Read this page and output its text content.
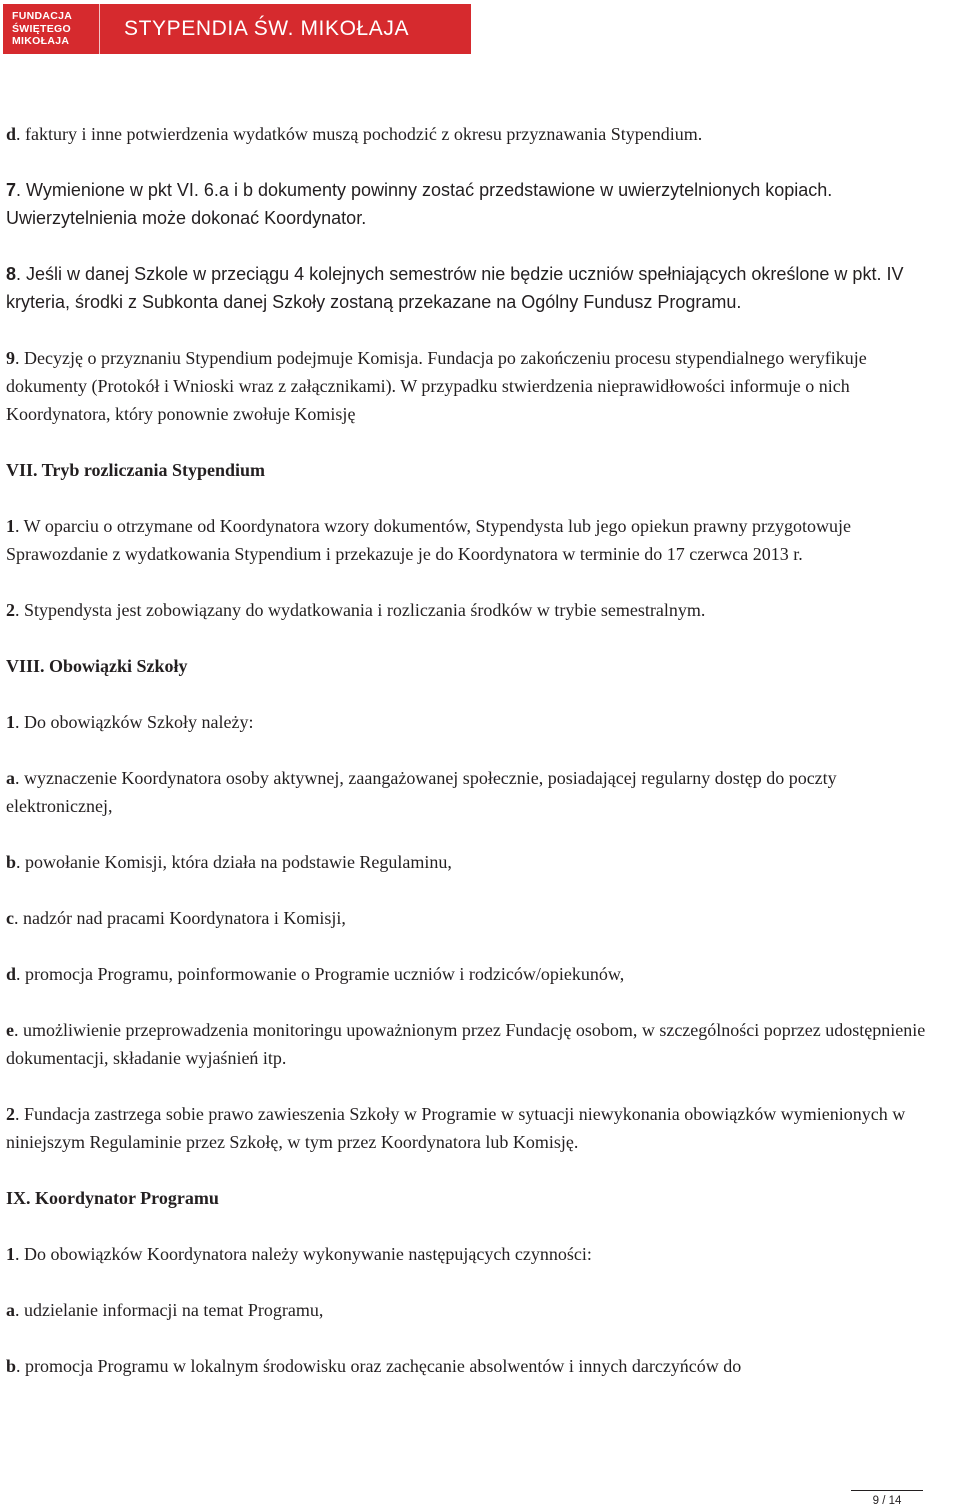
FUNDACJA
ŚWIĘTEGO
MIKOŁAJA
STYPENDIA ŚW. MIKOŁAJA

d. faktury i inne potwierdzenia wydatków muszą pochodzić z okresu przyznawania Stypendium.

7. Wymienione w pkt VI. 6.a i b dokumenty powinny zostać przedstawione w uwierzytelnionych kopiach. Uwierzytelnienia może dokonać Koordynator.

8. Jeśli w danej Szkole w przeciągu 4 kolejnych semestrów nie będzie uczniów spełniających określone w pkt. IV kryteria, środki z Subkonta danej Szkoły zostaną przekazane na Ogólny Fundusz Programu.

9. Decyzję o przyznaniu Stypendium podejmuje Komisja. Fundacja po zakończeniu procesu stypendialnego weryfikuje dokumenty (Protokół i Wnioski wraz z załącznikami). W przypadku stwierdzenia nieprawidłowości informuje o nich Koordynatora, który ponownie zwołuje Komisję

VII. Tryb rozliczania Stypendium

1. W oparciu o otrzymane od Koordynatora wzory dokumentów, Stypendysta lub jego opiekun prawny przygotowuje Sprawozdanie z wydatkowania Stypendium i przekazuje je do Koordynatora w terminie do 17 czerwca 2013 r.

2. Stypendysta jest zobowiązany do wydatkowania i rozliczania środków w trybie semestralnym.

VIII. Obowiązki Szkoły

1. Do obowiązków Szkoły należy:

a. wyznaczenie Koordynatora osoby aktywnej, zaangażowanej społecznie, posiadającej regularny dostęp do poczty elektronicznej,

b. powołanie Komisji, która działa na podstawie Regulaminu,

c. nadzór nad pracami Koordynatora i Komisji,

d. promocja Programu, poinformowanie o Programie uczniów i rodziców/opiekunów,

e. umożliwienie przeprowadzenia monitoringu upoważnionym przez Fundację osobom, w szczególności poprzez udostępnienie dokumentacji, składanie wyjaśnień itp.

2. Fundacja zastrzega sobie prawo zawieszenia Szkoły w Programie w sytuacji niewykonania obowiązków wymienionych w niniejszym Regulaminie przez Szkołę, w tym przez Koordynatora lub Komisję.

IX. Koordynator Programu

1. Do obowiązków Koordynatora należy wykonywanie następujących czynności:

a. udzielanie informacji na temat Programu,

b. promocja Programu w lokalnym środowisku oraz zachęcanie absolwentów i innych darczyńców do

9 / 14
